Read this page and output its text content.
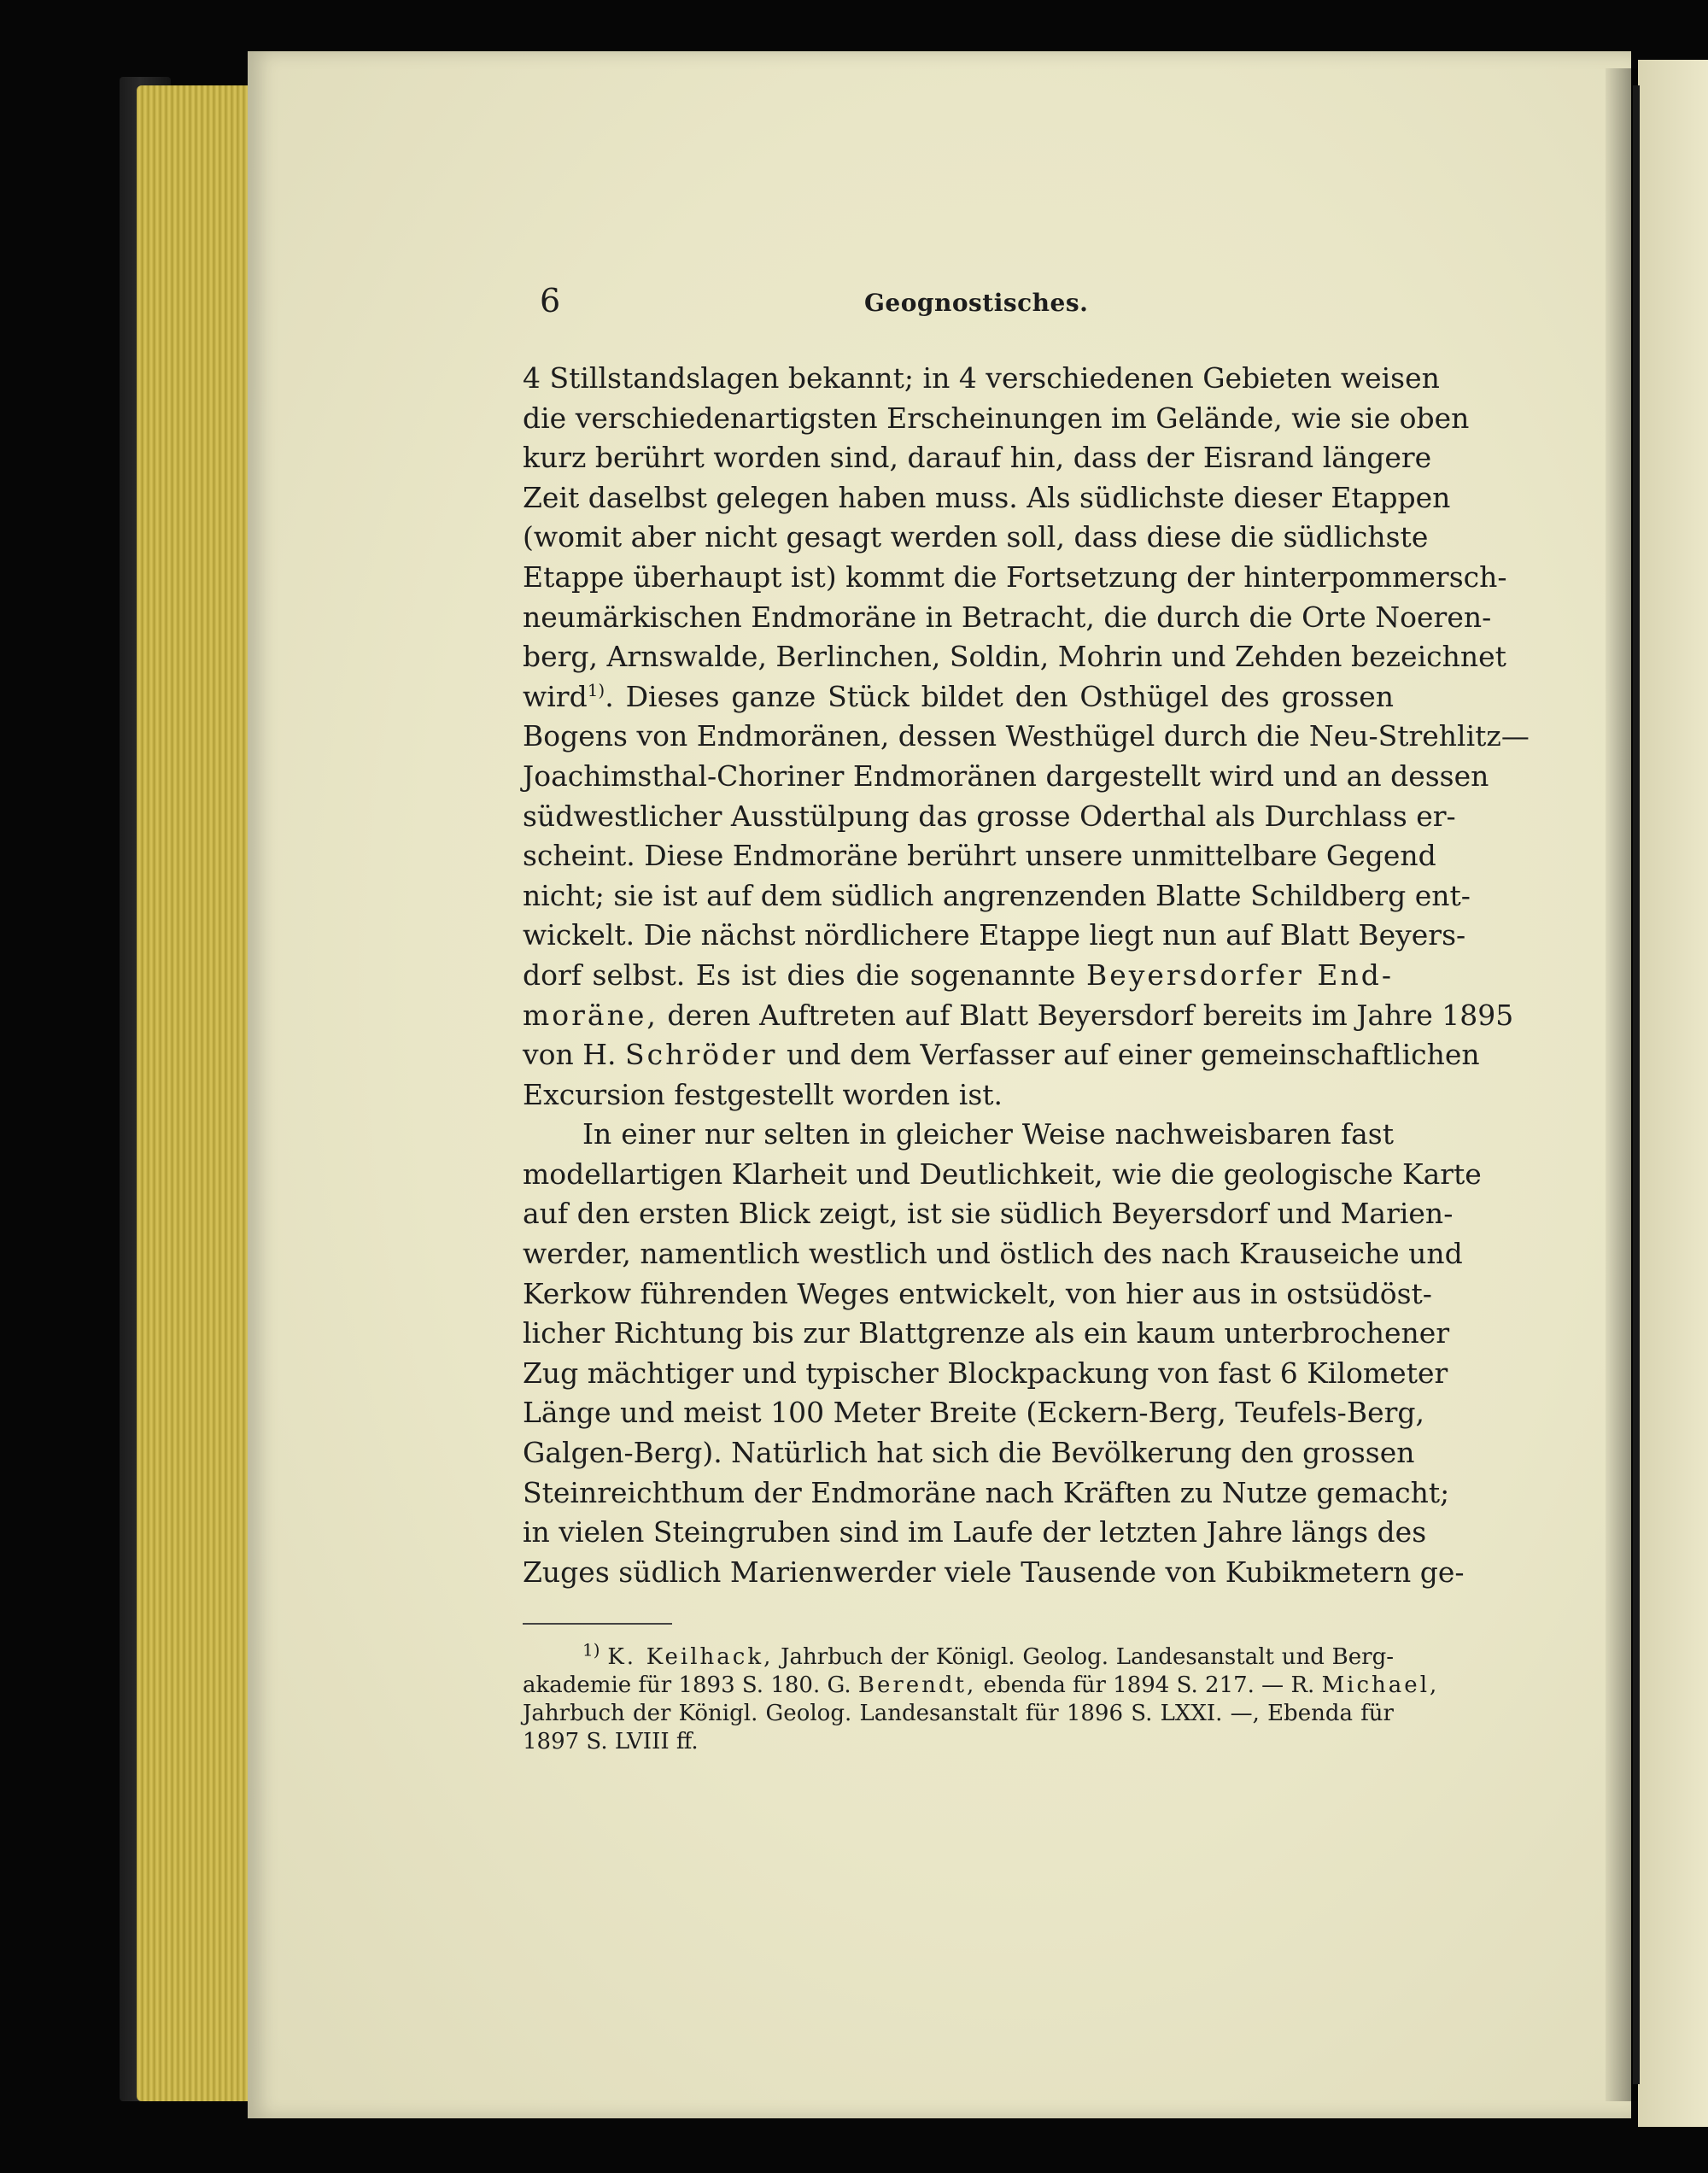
6	Geognostisches.
4 Stillstandslagen bekannt; in 4 verschiedenen Gebieten weisen
die verschiedenartigsten Erscheinungen im Gelände, wie sie oben
kurz berührt worden sind, darauf hin, dass der Eisrand längere
Zeit daselbst gelegen haben muss. Als südlichste dieser Etappen
(womit aber nicht gesagt werden soll, dass diese die südlichste
Etappe überhaupt ist) kommt die Fortsetzung der hinterpommersch-
neumärkischen Endmoräne in Betracht, die durch die Orte Noeren-
berg, Arnswalde, Berlinchen, Soldin, Mohrin und Zehden bezeichnet
wird$^{1)}$. Dieses ganze Stück bildet den Osthügel des grossen
Bogens von Endmoränen, dessen Westhügel durch die Neu-Strehlitz—
Joachimsthal-Choriner Endmoränen dargestellt wird und an dessen
südwestlicher Ausstülpung das grosse Oderthal als Durchlass er-
scheint. Diese Endmoräne berührt unsere unmittelbare Gegend
nicht; sie ist auf dem südlich angrenzenden Blatte Schildberg ent-
wickelt. Die nächst nördlichere Etappe liegt nun auf Blatt Beyers-
dorf selbst. Es ist dies die sogenannte Beyersdorfer End-
moräne, deren Auftreten auf Blatt Beyersdorf bereits im Jahre 1895
von H. Schröder und dem Verfasser auf einer gemeinschaftlichen
Excursion festgestellt worden ist.
In einer nur selten in gleicher Weise nachweisbaren fast
modellartigen Klarheit und Deutlichkeit, wie die geologische Karte
auf den ersten Blick zeigt, ist sie südlich Beyersdorf und Marien-
werder, namentlich westlich und östlich des nach Krauseiche und
Kerkow führenden Weges entwickelt, von hier aus in ostsüdöst-
licher Richtung bis zur Blattgrenze als ein kaum unterbrochener
Zug mächtiger und typischer Blockpackung von fast 6 Kilometer
Länge und meist 100 Meter Breite (Eckern-Berg, Teufels-Berg,
Galgen-Berg). Natürlich hat sich die Bevölkerung den grossen
Steinreichthum der Endmoräne nach Kräften zu Nutze gemacht;
in vielen Steingruben sind im Laufe der letzten Jahre längs des
Zuges südlich Marienwerder viele Tausende von Kubikmetern ge-
$^{1)}$ K. Keilhack, Jahrbuch der Königl. Geolog. Landesanstalt und Berg-
akademie für 1893 S. 180. G. Berendt, ebenda für 1894 S. 217. — R. Michael,
Jahrbuch der Königl. Geolog. Landesanstalt für 1896 S. LXXI. —, Ebenda für
1897 S. LVIII ff.
